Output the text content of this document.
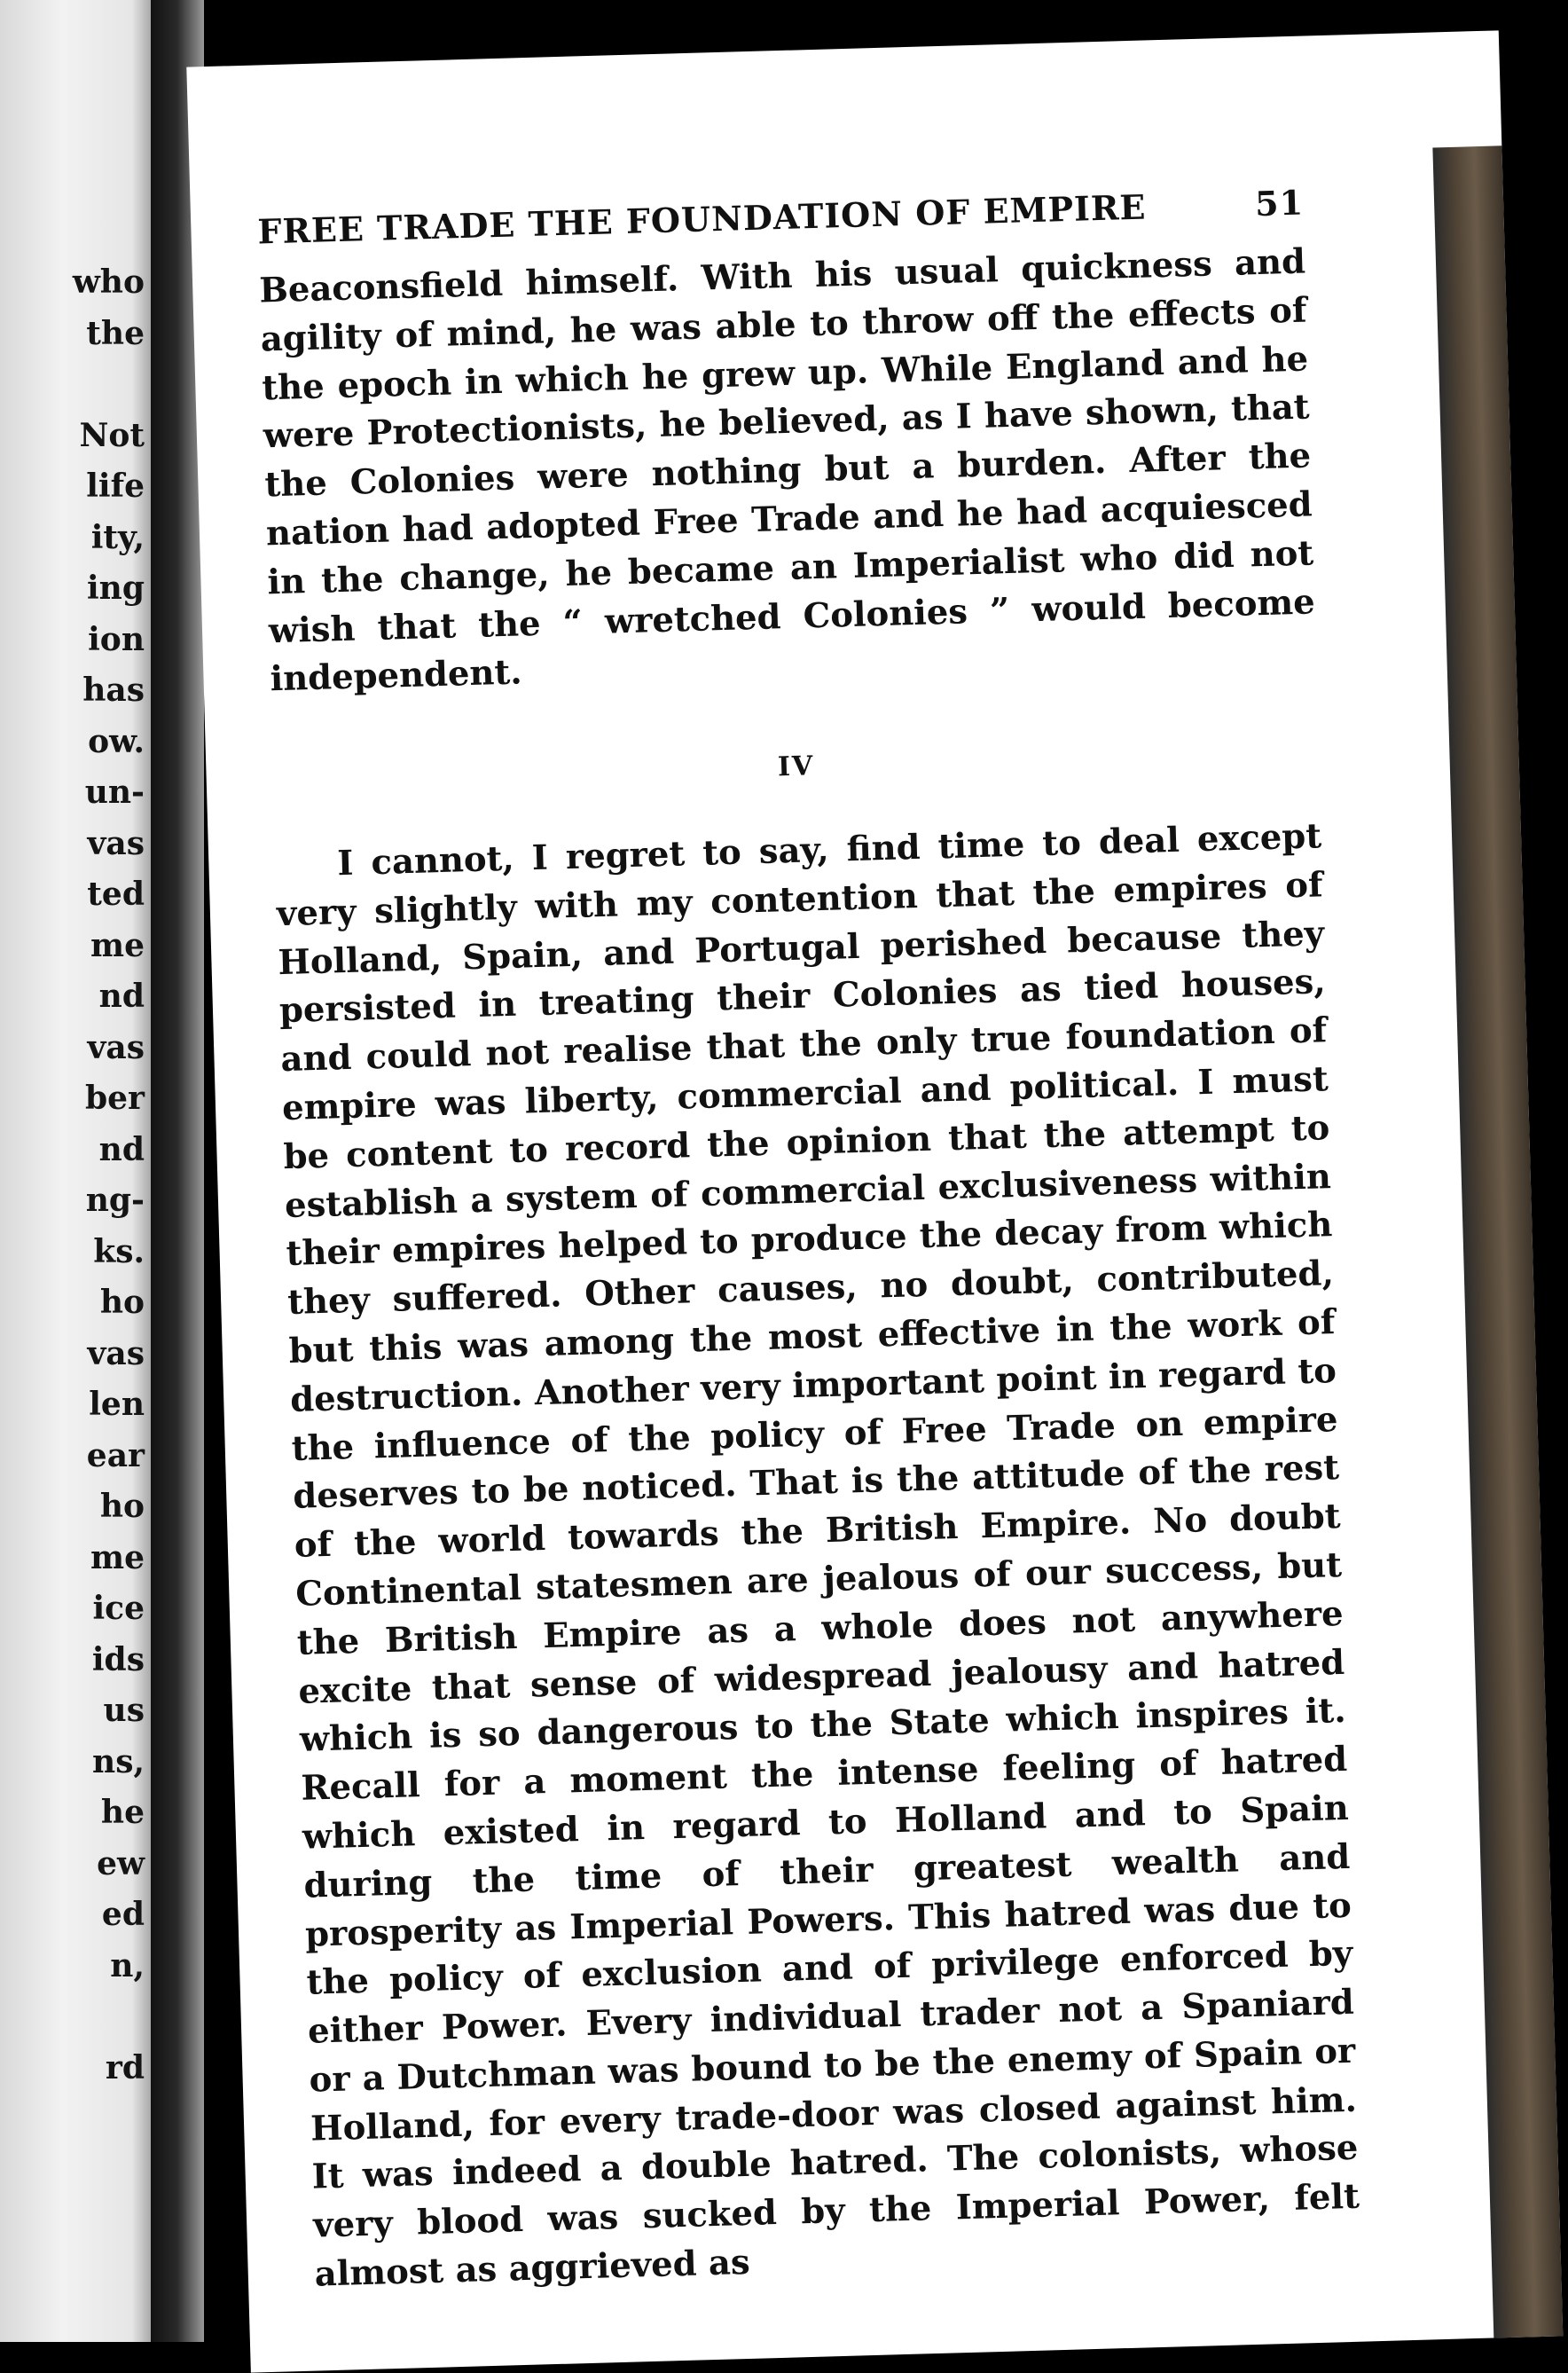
who
the
Not
life
ity,
ing
ion
has
ow.
un-
vas
ted
me
nd
vas
ber
nd
ng-
ks.
ho
vas
len
ear
ho
me
ice
ids
us
ns,
he
ew
ed
n,
rd
FREE TRADE THE FOUNDATION OF EMPIRE	51

Beaconsfield himself. With his usual quickness and agility of mind, he was able to throw off the effects of the epoch in which he grew up. While England and he were Protectionists, he believed, as I have shown, that the Colonies were nothing but a burden. After the nation had adopted Free Trade and he had acquiesced in the change, he became an Imperialist who did not wish that the “ wretched Colonies ” would become independent.

IV

I cannot, I regret to say, find time to deal except very slightly with my contention that the empires of Holland, Spain, and Portugal perished because they persisted in treating their Colonies as tied houses, and could not realise that the only true foundation of empire was liberty, commercial and political. I must be content to record the opinion that the attempt to establish a system of commercial exclusiveness within their empires helped to produce the decay from which they suffered. Other causes, no doubt, contributed, but this was among the most effective in the work of destruction. Another very important point in regard to the influence of the policy of Free Trade on empire deserves to be noticed. That is the attitude of the rest of the world towards the British Empire. No doubt Continental statesmen are jealous of our success, but the British Empire as a whole does not anywhere excite that sense of widespread jealousy and hatred which is so dangerous to the State which inspires it. Recall for a moment the intense feeling of hatred which existed in regard to Holland and to Spain during the time of their greatest wealth and prosperity as Imperial Powers. This hatred was due to the policy of exclusion and of privilege enforced by either Power. Every individual trader not a Spaniard or a Dutchman was bound to be the enemy of Spain or Holland, for every trade-door was closed against him. It was indeed a double hatred. The colonists, whose very blood was sucked by the Imperial Power, felt almost as aggrieved as
